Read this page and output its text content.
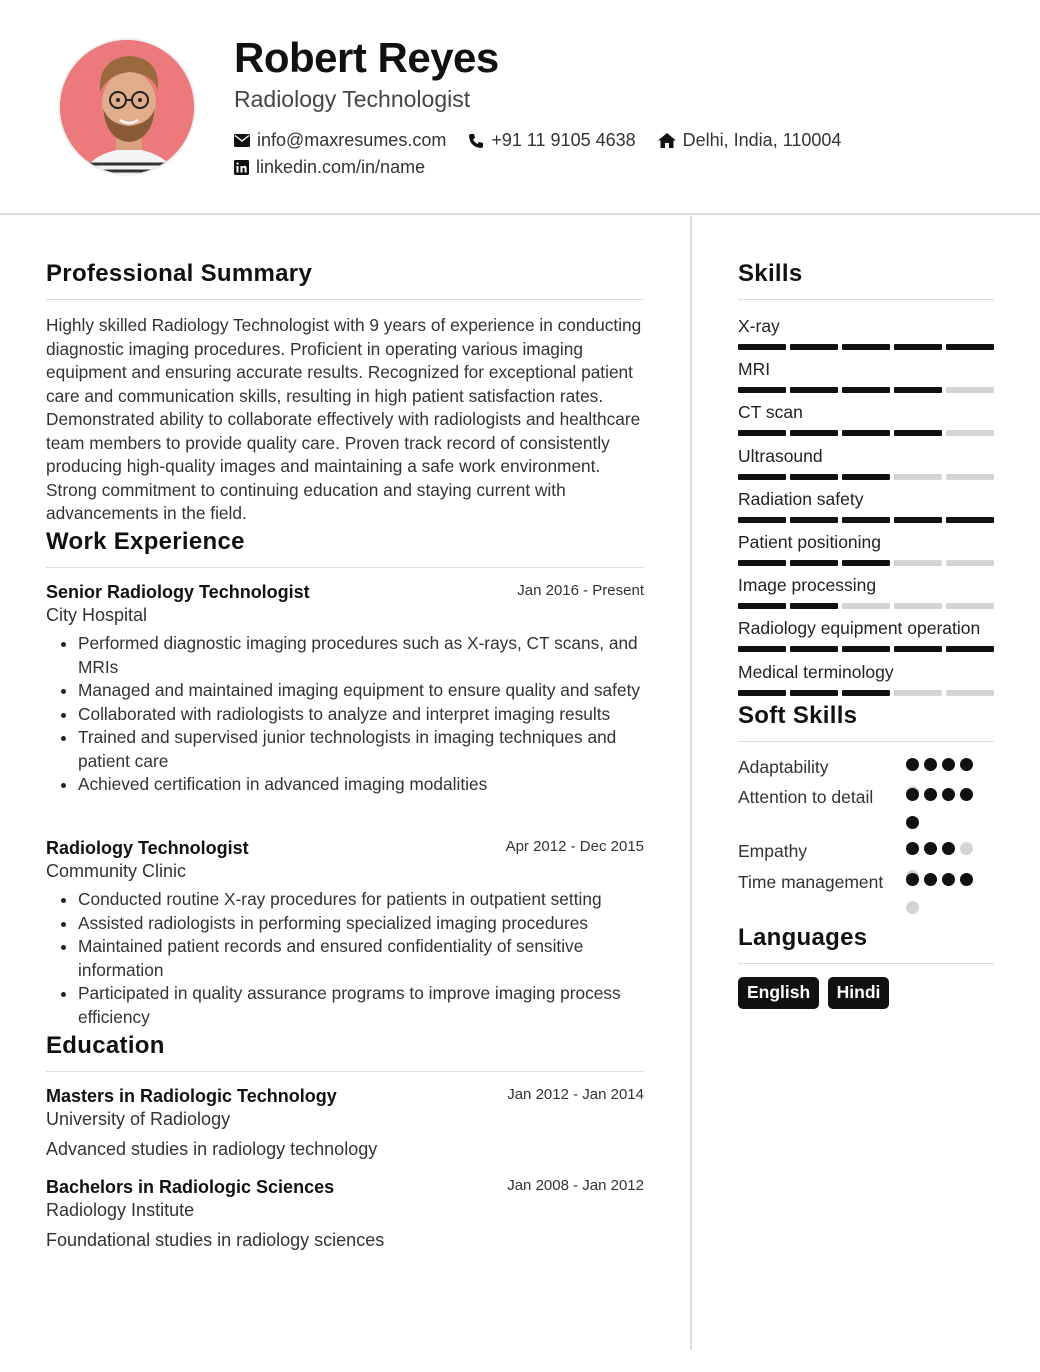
Robert Reyes
Radiology Technologist
info@maxresumes.com	+91 11 9105 4638	Delhi, India, 110004
linkedin.com/in/name
Professional Summary
Highly skilled Radiology Technologist with 9 years of experience in conducting diagnostic imaging procedures. Proficient in operating various imaging equipment and ensuring accurate results. Recognized for exceptional patient care and communication skills, resulting in high patient satisfaction rates. Demonstrated ability to collaborate effectively with radiologists and healthcare team members to provide quality care. Proven track record of consistently producing high-quality images and maintaining a safe work environment. Strong commitment to continuing education and staying current with advancements in the field.
Work Experience
Senior Radiology Technologist
City Hospital
Jan 2016 - Present
Performed diagnostic imaging procedures such as X-rays, CT scans, and MRIs
Managed and maintained imaging equipment to ensure quality and safety
Collaborated with radiologists to analyze and interpret imaging results
Trained and supervised junior technologists in imaging techniques and patient care
Achieved certification in advanced imaging modalities
Radiology Technologist
Community Clinic
Apr 2012 - Dec 2015
Conducted routine X-ray procedures for patients in outpatient setting
Assisted radiologists in performing specialized imaging procedures
Maintained patient records and ensured confidentiality of sensitive information
Participated in quality assurance programs to improve imaging process efficiency
Education
Masters in Radiologic Technology
University of Radiology
Jan 2012 - Jan 2014
Advanced studies in radiology technology
Bachelors in Radiologic Sciences
Radiology Institute
Jan 2008 - Jan 2012
Foundational studies in radiology sciences
Skills
X-ray
MRI
CT scan
Ultrasound
Radiation safety
Patient positioning
Image processing
Radiology equipment operation
Medical terminology
Soft Skills
Adaptability
Attention to detail
Empathy
Time management
Languages
English Hindi
